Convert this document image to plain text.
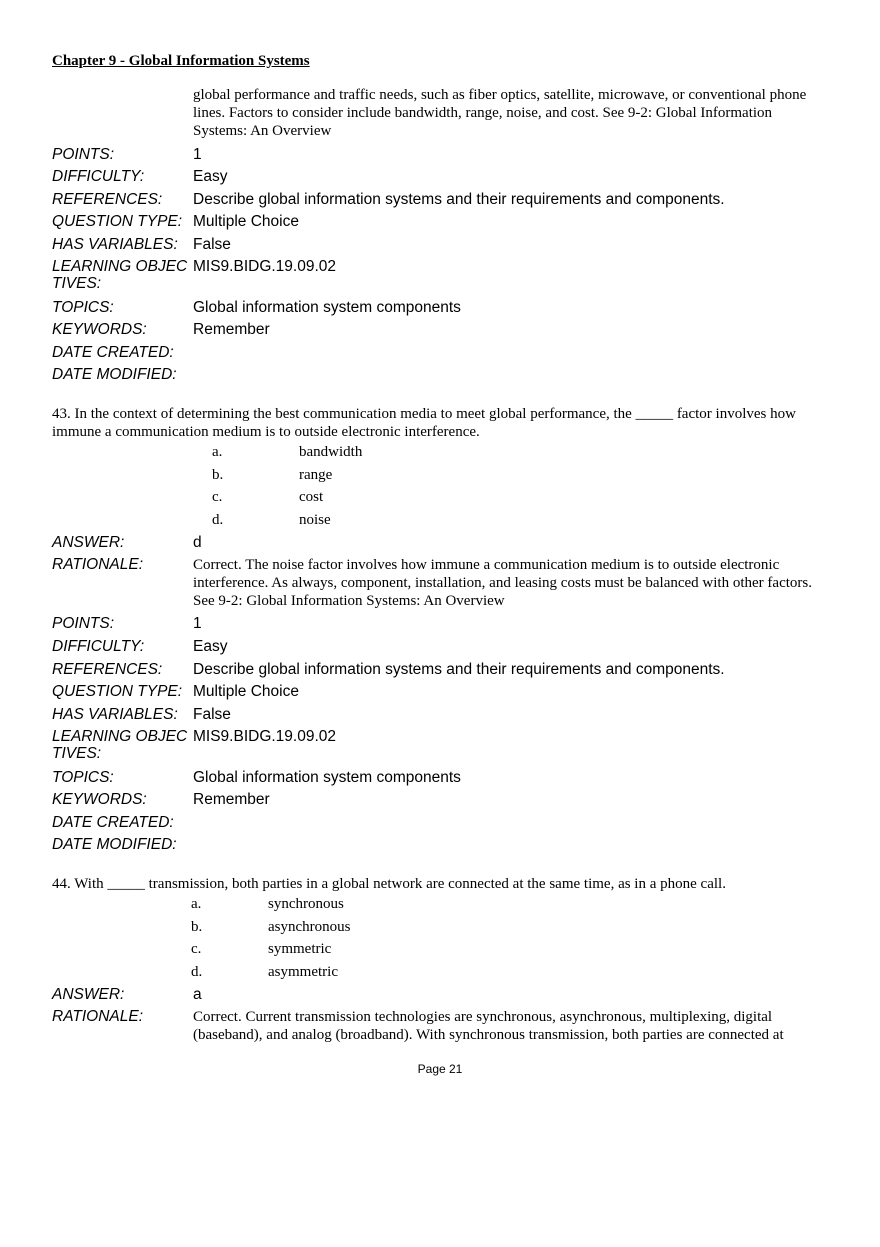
Chapter 9 - Global Information Systems
global performance and traffic needs, such as fiber optics, satellite, microwave, or conventional phone lines. Factors to consider include bandwidth, range, noise, and cost. See 9-2: Global Information Systems: An Overview
POINTS:	1
DIFFICULTY:	Easy
REFERENCES: Describe global information systems and their requirements and components.
QUESTION TYPE: Multiple Choice
HAS VARIABLES: False
LEARNING OBJEC
TIVES:
MIS9.BIDG.19.09.02
TOPICS:	Global information system components
KEYWORDS:	Remember
DATE CREATED:
DATE MODIFIED:
43. In the context of determining the best communication media to meet global performance, the _____ factor involves how immune a communication medium is to outside electronic interference.
a.	bandwidth
b.	range
c.	cost
d.	noise
ANSWER:	d
RATIONALE:	Correct. The noise factor involves how immune a communication medium is to outside electronic interference. As always, component, installation, and leasing costs must be balanced with other factors. See 9-2: Global Information Systems: An Overview
POINTS:	1
DIFFICULTY:	Easy
REFERENCES: Describe global information systems and their requirements and components.
QUESTION TYPE: Multiple Choice
HAS VARIABLES: False
LEARNING OBJEC
TIVES:
MIS9.BIDG.19.09.02
TOPICS:	Global information system components
KEYWORDS:	Remember
DATE CREATED:
DATE MODIFIED:
44. With _____ transmission, both parties in a global network are connected at the same time, as in a phone call.
a.	synchronous
b.	asynchronous
c.	symmetric
d.	asymmetric
ANSWER:	a
RATIONALE:	Correct. Current transmission technologies are synchronous, asynchronous, multiplexing, digital (baseband), and analog (broadband). With synchronous transmission, both parties are connected at
Page 21
